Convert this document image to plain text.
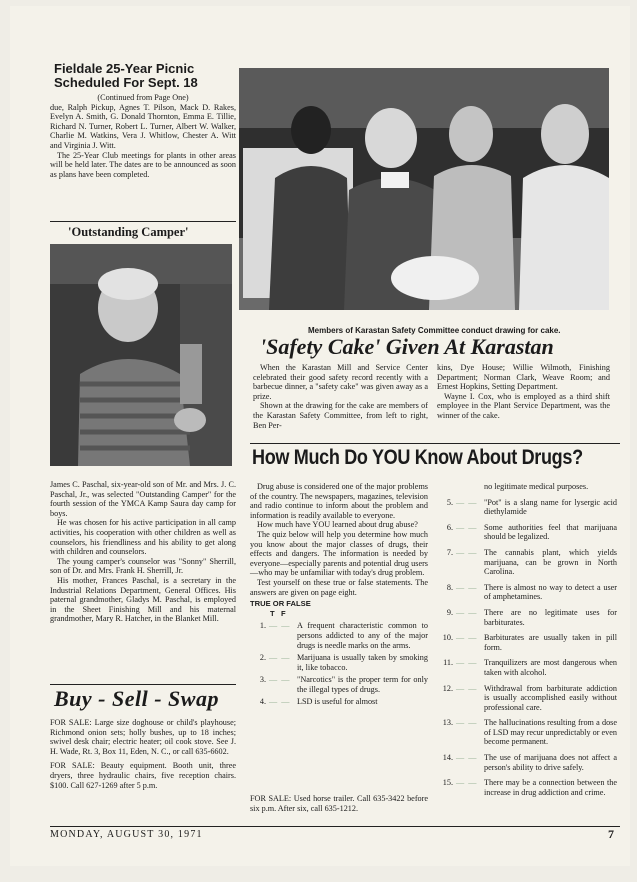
Fieldale 25-Year Picnic Scheduled For Sept. 18
(Continued from Page One)
due, Ralph Pickup, Agnes T. Pilson, Mack D. Rakes, Evelyn A. Smith, G. Donald Thornton, Emma E. Tillie, Richard N. Turner, Robert L. Turner, Albert W. Walker, Charlie M. Watkins, Vera J. Whitlow, Chester A. Witt and Virginia J. Witt.

The 25-Year Club meetings for plants in other areas will be held later. The dates are to be announced as soon as plans have been completed.

'Outstanding Camper'
James C. Paschal, six-year-old son of Mr. and Mrs. J. C. Paschal, Jr., was selected "Outstanding Camper" for the fourth session of the YMCA Kamp Saura day camp for boys.

He was chosen for his active participation in all camp activities, his cooperation with other children as well as counselors, his friendliness and his ability to get along with children and counselors.

The young camper's counselor was "Sonny" Sherrill, son of Dr. and Mrs. Frank H. Sherrill, Jr.

His mother, Frances Paschal, is a secretary in the Industrial Relations Department, General Offices. His paternal grandmother, Gladys M. Paschal, is employed in the Sheet Finishing Mill and his maternal grandmother, Mary R. Hatcher, in the Blanket Mill.

Buy - Sell - Swap
FOR SALE: Large size doghouse or child's playhouse; Richmond onion sets; holly bushes, up to 18 inches; swivel desk chair; electric heater; oil cook stove. See J. H. Wade, Rt. 3, Box 11, Eden, N. C., or call 635-6602.
FOR SALE: Beauty equipment. Booth unit, three dryers, three hydraulic chairs, five reception chairs. $100. Call 627-1269 after 5 p.m.
Members of Karastan Safety Committee conduct drawing for cake.
'Safety Cake' Given At Karastan

When the Karastan Mill and Service Center celebrated their good safety record recently with a barbecue dinner, a "safety cake" was given away as a prize.

Shown at the drawing for the cake are members of the Karastan Safety Committee, from left to right, Ben Per-

kins, Dye House; Willie Wilmoth, Finishing Department; Norman Clark, Weave Room; and Ernest Hopkins, Setting Department.

Wayne I. Cox, who is employed as a third shift employee in the Plant Service Department, was the winner of the cake.

How Much Do YOU Know About Drugs?

Drug abuse is considered one of the major problems of the country. The newspapers, magazines, television and radio continue to inform about the problem and information is readily available to everyone.

How much have YOU learned about drug abuse?

The quiz below will help you determine how much you know about the major classes of drugs, their effects and dangers. The information is needed by everyone—especially parents and potential drug users—who may be unfamiliar with today's drug problem.

Test yourself on these true or false statements. The answers are given on page eight.

TRUE OR FALSE
T   F
1. — — A frequent characteristic common to persons addicted to any of the major drugs is needle marks on the arms.
2. — — Marijuana is usually taken by smoking it, like tobacco.
3. — — "Narcotics" is the proper term for only the illegal types of drugs.
4. — — LSD is useful for almost
FOR SALE: Used horse trailer. Call 635-3422 before six p.m. After six, call 635-1212.
no legitimate medical purposes.
5. — — "Pot" is a slang name for lysergic acid diethylamide
6. — — Some authorities feel that marijuana should be legalized.
7. — — The cannabis plant, which yields marijuana, can be grown in North Carolina.
8. — — There is almost no way to detect a user of amphetamines.
9. — — There are no legitimate uses for barbiturates.
10. — — Barbiturates are usually taken in pill form.
11. — — Tranquilizers are most dangerous when taken with alcohol.
12. — — Withdrawal from barbiturate addiction is usually accomplished easily without professional care.
13. — — The hallucinations resulting from a dose of LSD may recur unpredictably or even become permanent.
14. — — The use of marijuana does not affect a person's ability to drive safely.
15. — — There may be a connection between the increase in drug addiction and crime.
MONDAY, AUGUST 30, 1971	7
